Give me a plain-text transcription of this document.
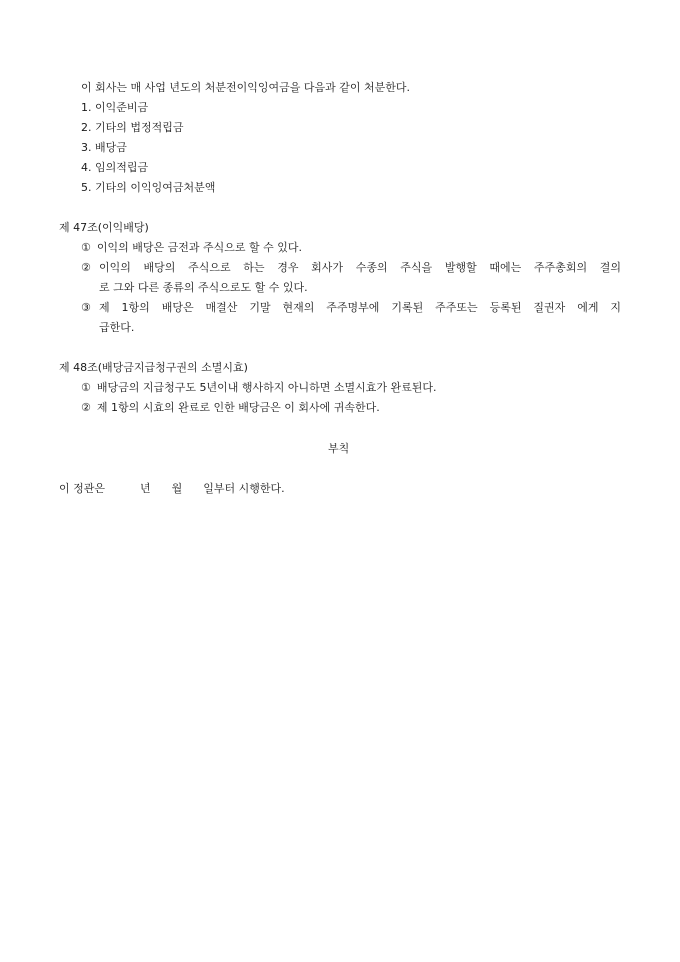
이 회사는 매 사업 년도의 처분전이익잉여금을 다음과 같이 처분한다.
1. 이익준비금
2. 기타의 법정적립금
3. 배당금
4. 임의적립금
5. 기타의 이익잉여금처분액
제 47조(이익배당)
① 이익의 배당은 금전과 주식으로 할 수 있다.
② 이익의 배당의 주식으로 하는 경우 회사가 수종의 주식을 발행할 때에는 주주총회의 결의
로 그와 다른 종류의 주식으로도 할 수 있다.
③ 제 1항의 배당은 매결산 기말 현재의 주주명부에 기록된 주주또는 등록된 질권자 에게 지
급한다.
제 48조(배당금지급청구권의 소멸시효)
① 배당금의 지급청구도 5년이내 행사하지 아니하면 소멸시효가 완료된다.
② 제 1항의 시효의 완료로 인한 배당금은 이 회사에 귀속한다.
부칙
이 정관은	년 월 일부터 시행한다.
